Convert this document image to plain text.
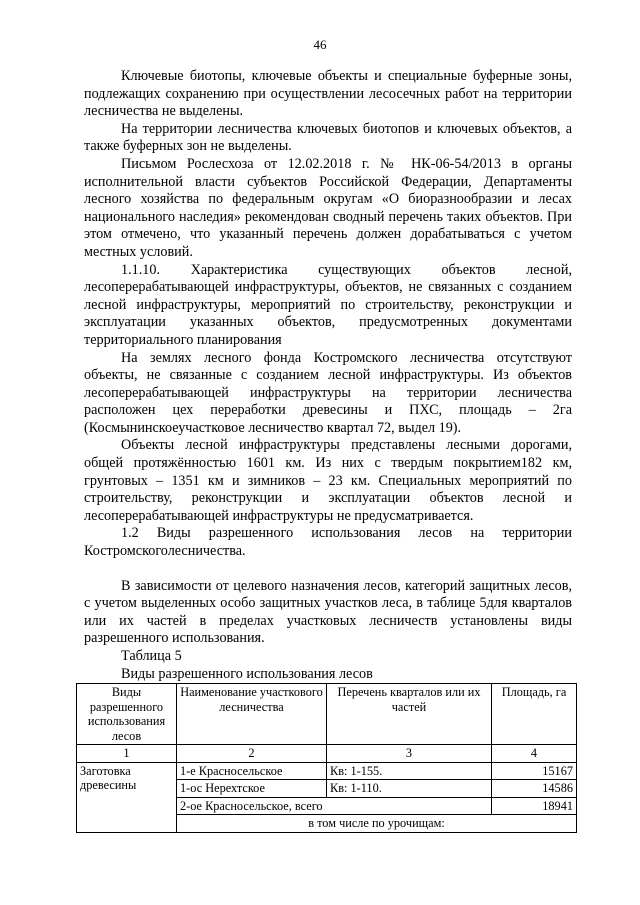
46

Ключевые биотопы, ключевые объекты и специальные буферные зоны, подлежащих сохранению при осуществлении лесосечных работ на территории лесничества не выделены.

На территории лесничества ключевых биотопов и ключевых объектов, а также буферных зон не выделены.

Письмом Рослесхоза от 12.02.2018 г. № НК-06-54/2013 в органы исполнительной власти субъектов Российской Федерации, Департаменты лесного хозяйства по федеральным округам «О биоразнообразии и лесах национального наследия» рекомендован сводный перечень таких объектов. При этом отмечено, что указанный перечень должен дорабатываться с учетом местных условий.

1.1.10. Характеристика существующих объектов лесной, лесоперерабатывающей инфраструктуры, объектов, не связанных с созданием лесной инфраструктуры, мероприятий по строительству, реконструкции и эксплуатации указанных объектов, предусмотренных документами территориального планирования

На землях лесного фонда Костромского лесничества отсутствуют объекты, не связанные с созданием лесной инфраструктуры. Из объектов лесоперерабатывающей инфраструктуры на территории лесничества расположен цех переработки древесины и ПХС, площадь – 2га (Космынинскоеучастковое лесничество квартал 72, выдел 19).

Объекты лесной инфраструктуры представлены лесными дорогами, общей протяжённостью 1601 км. Из них с твердым покрытием182 км, грунтовых – 1351 км и зимников – 23 км. Специальных мероприятий по строительству, реконструкции и эксплуатации объектов лесной и лесоперерабатывающей инфраструктуры не предусматривается.

1.2 Виды разрешенного использования лесов на территории Костромскоголесничества.

В зависимости от целевого назначения лесов, категорий защитных лесов, с учетом выделенных особо защитных участков леса, в таблице 5для кварталов или их частей в пределах участковых лесничеств установлены виды разрешенного использования.

Таблица 5

Виды разрешенного использования лесов

Виды разрешенного использования лесов	Наименование участкового лесничества	Перечень кварталов или их частей	Площадь, га
1	2	3	4
Заготовка древесины	1-е Красносельское	Кв: 1-155.	15167
	1-ос Нерехтское	Кв: 1-110.	14586
	2-ое Красносельское, всего		18941
	в том числе по урочищам:		
